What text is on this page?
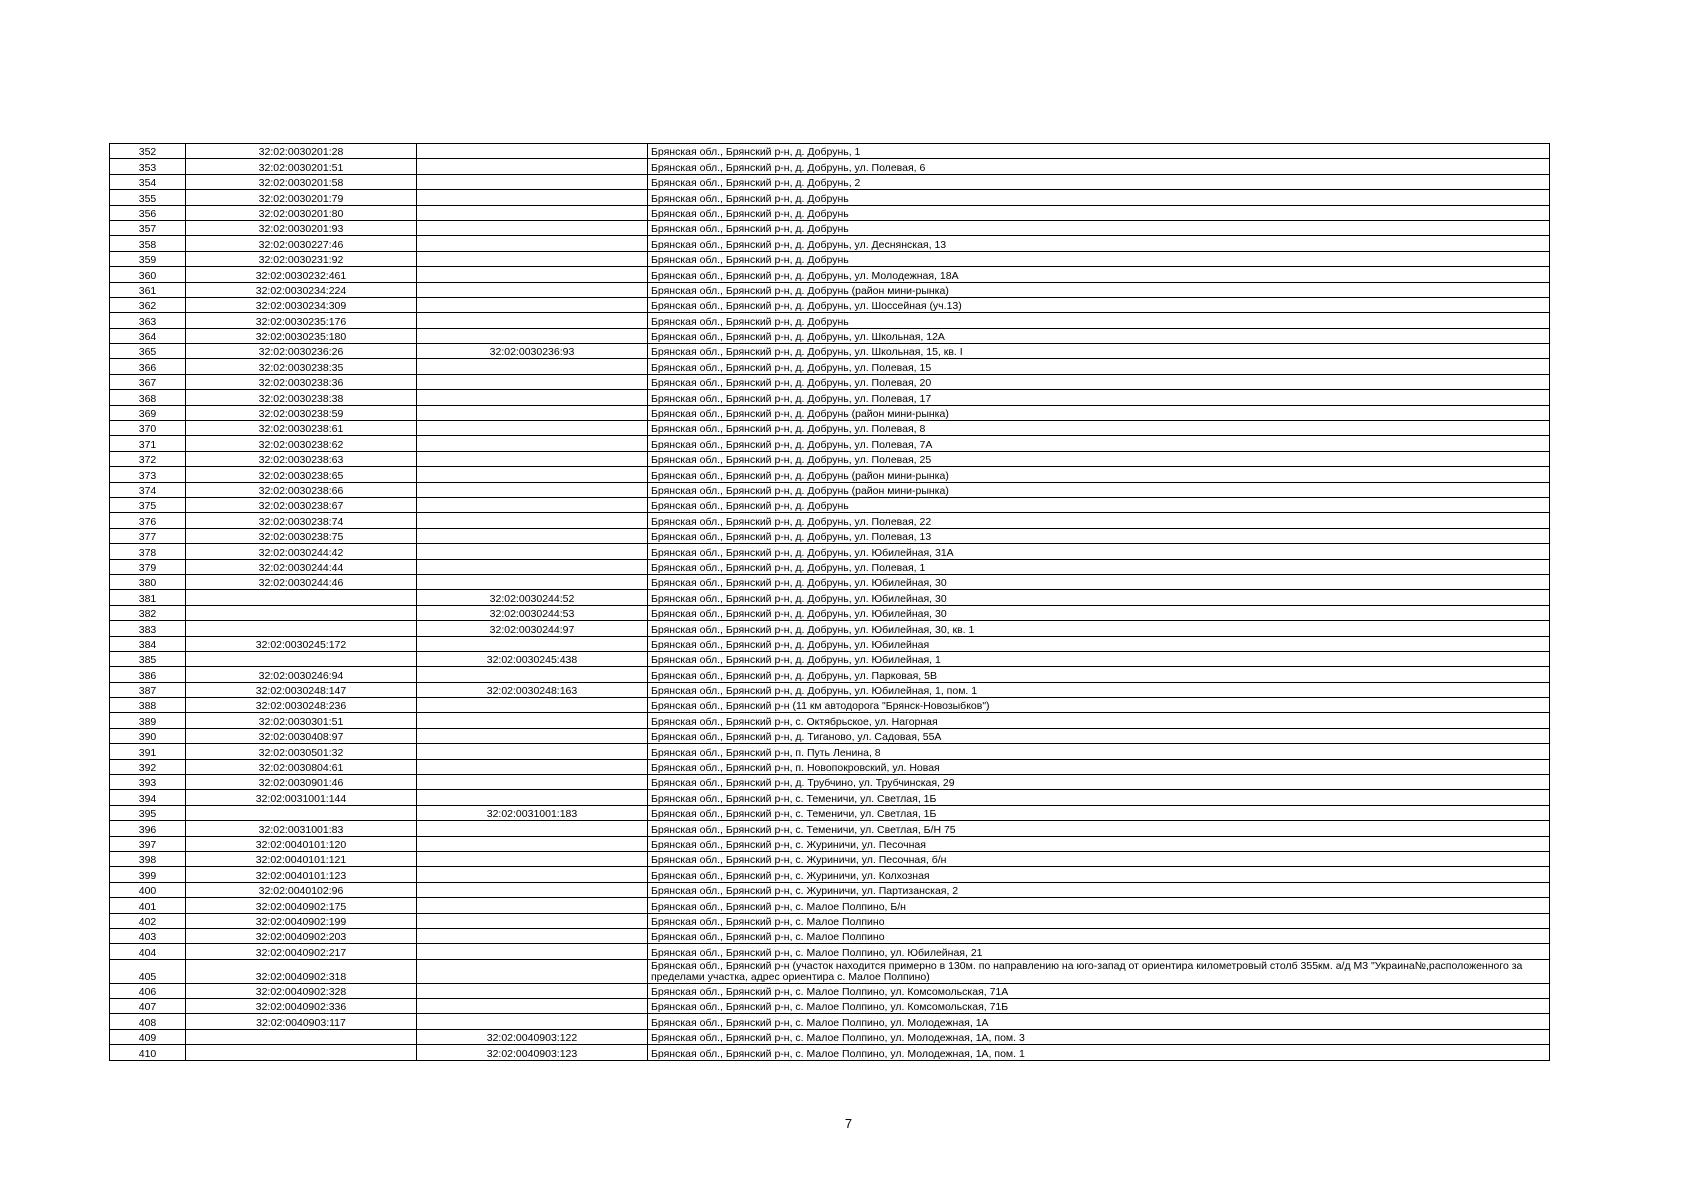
352	32:02:0030201:28		Брянская обл., Брянский р-н, д. Добрунь, 1
353	32:02:0030201:51		Брянская обл., Брянский р-н, д. Добрунь, ул. Полевая, 6
354	32:02:0030201:58		Брянская обл., Брянский р-н, д. Добрунь, 2
355	32:02:0030201:79		Брянская обл., Брянский р-н, д. Добрунь
356	32:02:0030201:80		Брянская обл., Брянский р-н, д. Добрунь
357	32:02:0030201:93		Брянская обл., Брянский р-н, д. Добрунь
358	32:02:0030227:46		Брянская обл., Брянский р-н, д. Добрунь, ул. Деснянская, 13
359	32:02:0030231:92		Брянская обл., Брянский р-н, д. Добрунь
360	32:02:0030232:461		Брянская обл., Брянский р-н, д. Добрунь, ул. Молодежная, 18А
361	32:02:0030234:224		Брянская обл., Брянский р-н, д. Добрунь (район мини-рынка)
362	32:02:0030234:309		Брянская обл., Брянский р-н, д. Добрунь, ул. Шоссейная (уч.13)
363	32:02:0030235:176		Брянская обл., Брянский р-н, д. Добрунь
364	32:02:0030235:180		Брянская обл., Брянский р-н, д. Добрунь, ул. Школьная, 12А
365	32:02:0030236:26	32:02:0030236:93	Брянская обл., Брянский р-н, д. Добрунь, ул. Школьная, 15, кв. I
366	32:02:0030238:35		Брянская обл., Брянский р-н, д. Добрунь, ул. Полевая, 15
367	32:02:0030238:36		Брянская обл., Брянский р-н, д. Добрунь, ул. Полевая, 20
368	32:02:0030238:38		Брянская обл., Брянский р-н, д. Добрунь, ул. Полевая, 17
369	32:02:0030238:59		Брянская обл., Брянский р-н, д. Добрунь (район мини-рынка)
370	32:02:0030238:61		Брянская обл., Брянский р-н, д. Добрунь, ул. Полевая, 8
371	32:02:0030238:62		Брянская обл., Брянский р-н, д. Добрунь, ул. Полевая, 7А
372	32:02:0030238:63		Брянская обл., Брянский р-н, д. Добрунь, ул. Полевая, 25
373	32:02:0030238:65		Брянская обл., Брянский р-н, д. Добрунь (район мини-рынка)
374	32:02:0030238:66		Брянская обл., Брянский р-н, д. Добрунь (район мини-рынка)
375	32:02:0030238:67		Брянская обл., Брянский р-н, д. Добрунь
376	32:02:0030238:74		Брянская обл., Брянский р-н, д. Добрунь, ул. Полевая, 22
377	32:02:0030238:75		Брянская обл., Брянский р-н, д. Добрунь, ул. Полевая, 13
378	32:02:0030244:42		Брянская обл., Брянский р-н, д. Добрунь, ул. Юбилейная, 31А
379	32:02:0030244:44		Брянская обл., Брянский р-н, д. Добрунь, ул. Полевая, 1
380	32:02:0030244:46		Брянская обл., Брянский р-н, д. Добрунь, ул. Юбилейная, 30
381		32:02:0030244:52	Брянская обл., Брянский р-н, д. Добрунь, ул. Юбилейная, 30
382		32:02:0030244:53	Брянская обл., Брянский р-н, д. Добрунь, ул. Юбилейная, 30
383		32:02:0030244:97	Брянская обл., Брянский р-н, д. Добрунь, ул. Юбилейная, 30, кв. 1
384	32:02:0030245:172		Брянская обл., Брянский р-н, д. Добрунь, ул. Юбилейная
385		32:02:0030245:438	Брянская обл., Брянский р-н, д. Добрунь, ул. Юбилейная, 1
386	32:02:0030246:94		Брянская обл., Брянский р-н, д. Добрунь, ул. Парковая, 5В
387	32:02:0030248:147	32:02:0030248:163	Брянская обл., Брянский р-н, д. Добрунь, ул. Юбилейная, 1, пом. 1
388	32:02:0030248:236		Брянская обл., Брянский р-н (11 км автодорога "Брянск-Новозыбков")
389	32:02:0030301:51		Брянская обл., Брянский р-н, с. Октябрьское, ул. Нагорная
390	32:02:0030408:97		Брянская обл., Брянский р-н, д. Тиганово, ул. Садовая, 55А
391	32:02:0030501:32		Брянская обл., Брянский р-н, п. Путь Ленина, 8
392	32:02:0030804:61		Брянская обл., Брянский р-н, п. Новопокровский, ул. Новая
393	32:02:0030901:46		Брянская обл., Брянский р-н, д. Трубчино, ул. Трубчинская, 29
394	32:02:0031001:144		Брянская обл., Брянский р-н, с. Теменичи, ул. Светлая, 1Б
395		32:02:0031001:183	Брянская обл., Брянский р-н, с. Теменичи, ул. Светлая, 1Б
396	32:02:0031001:83		Брянская обл., Брянский р-н, с. Теменичи, ул. Светлая, Б/Н 75
397	32:02:0040101:120		Брянская обл., Брянский р-н, с. Журиничи, ул. Песочная
398	32:02:0040101:121		Брянская обл., Брянский р-н, с. Журиничи, ул. Песочная, б/н
399	32:02:0040101:123		Брянская обл., Брянский р-н, с. Журиничи, ул. Колхозная
400	32:02:0040102:96		Брянская обл., Брянский р-н, с. Журиничи, ул. Партизанская, 2
401	32:02:0040902:175		Брянская обл., Брянский р-н, с. Малое Полпино, Б/н
402	32:02:0040902:199		Брянская обл., Брянский р-н, с. Малое Полпино
403	32:02:0040902:203		Брянская обл., Брянский р-н, с. Малое Полпино
404	32:02:0040902:217		Брянская обл., Брянский р-н, с. Малое Полпино, ул. Юбилейная, 21
405	32:02:0040902:318		Брянская обл., Брянский р-н (участок находится примерно в 130м. по направлению на юго-запад от ориентира километровый столб 355км. а/д М3 "Украина№,расположенного за пределами участка, адрес ориентира с. Малое Полпино)
406	32:02:0040902:328		Брянская обл., Брянский р-н, с. Малое Полпино, ул. Комсомольская, 71А
407	32:02:0040902:336		Брянская обл., Брянский р-н, с. Малое Полпино, ул. Комсомольская, 71Б
408	32:02:0040903:117		Брянская обл., Брянский р-н, с. Малое Полпино, ул. Молодежная, 1А
409		32:02:0040903:122	Брянская обл., Брянский р-н, с. Малое Полпино, ул. Молодежная, 1А, пом. 3
410		32:02:0040903:123	Брянская обл., Брянский р-н, с. Малое Полпино, ул. Молодежная, 1А, пом. 1
7
